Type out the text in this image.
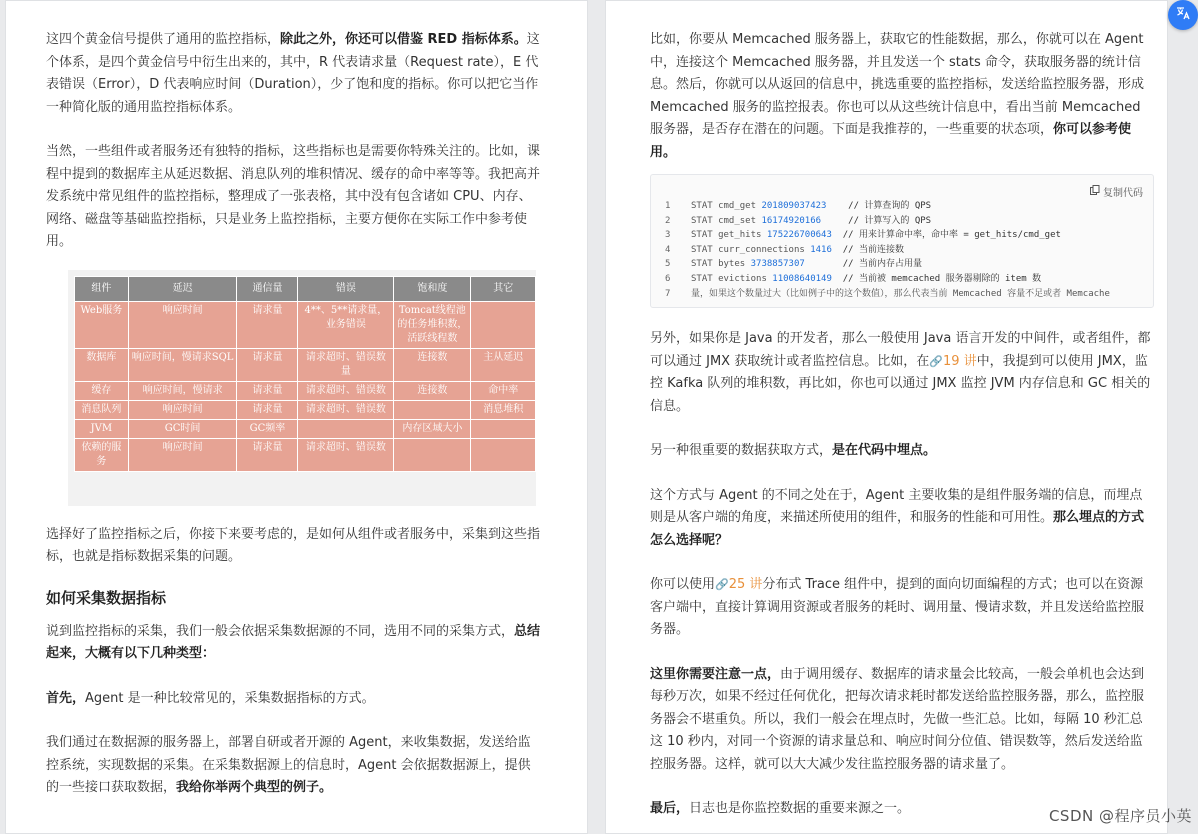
这四个黄金信号提供了通用的监控指标，除此之外，你还可以借鉴 RED 指标体系。这个体系，是四个黄金信号中衍生出来的，其中，R 代表请求量（Request rate），E 代表错误（Error），D 代表响应时间（Duration），少了饱和度的指标。你可以把它当作一种简化版的通用监控指标体系。

当然，一些组件或者服务还有独特的指标，这些指标也是需要你特殊关注的。比如，课程中提到的数据库主从延迟数据、消息队列的堆积情况、缓存的命中率等等。我把高并发系统中常见组件的监控指标，整理成了一张表格，其中没有包含诸如 CPU、内存、网络、磁盘等基础监控指标，只是业务上监控指标，主要方便你在实际工作中参考使用。

组件	延迟	通信量	错误	饱和度	其它
Web服务	响应时间	请求量	4**、5**请求量，业务错误	Tomcat线程池的任务堆积数，活跃线程数	
数据库	响应时间，慢请求SQL	请求量	请求超时、错误数量	连接数	主从延迟
缓存	响应时间，慢请求	请求量	请求超时、错误数	连接数	命中率
消息队列	响应时间	请求量	请求超时、错误数		消息堆积
JVM	GC时间	GC频率		内存区域大小	
依赖的服务	响应时间	请求量	请求超时、错误数		

选择好了监控指标之后，你接下来要考虑的，是如何从组件或者服务中，采集到这些指标，也就是指标数据采集的问题。

如何采集数据指标

说到监控指标的采集，我们一般会依据采集数据源的不同，选用不同的采集方式，总结起来，大概有以下几种类型：

首先，Agent 是一种比较常见的，采集数据指标的方式。

我们通过在数据源的服务器上，部署自研或者开源的 Agent，来收集数据，发送给监控系统，实现数据的采集。在采集数据源上的信息时，Agent 会依据数据源上，提供的一些接口获取数据，我给你举两个典型的例子。

比如，你要从 Memcached 服务器上，获取它的性能数据，那么，你就可以在 Agent 中，连接这个 Memcached 服务器，并且发送一个 stats 命令，获取服务器的统计信息。然后，你就可以从返回的信息中，挑选重要的监控指标，发送给监控服务器，形成 Memcached 服务的监控报表。你也可以从这些统计信息中，看出当前 Memcached 服务器，是否存在潜在的问题。下面是我推荐的，一些重要的状态项，你可以参考使用。

复制代码
1	STAT cmd_get 201809037423 // 计算查询的 QPS
2	STAT cmd_set 16174920166 // 计算写入的 QPS
3	STAT get_hits 175226700643 // 用来计算命中率，命中率 = get_hits/cmd_get
4	STAT curr_connections 1416 // 当前连接数
5	STAT bytes 3738857307 // 当前内存占用量
6	STAT evictions 11008640149 // 当前被 memcached 服务器剔除的 item 数
7	量，如果这个数量过大（比如例子中的这个数值），那么代表当前 Memcached 容量不足或者 Memcache

另外，如果你是 Java 的开发者，那么一般使用 Java 语言开发的中间件，或者组件，都可以通过 JMX 获取统计或者监控信息。比如，在🔗19 讲中，我提到可以使用 JMX，监控 Kafka 队列的堆积数，再比如，你也可以通过 JMX 监控 JVM 内存信息和 GC 相关的信息。

另一种很重要的数据获取方式，是在代码中埋点。

这个方式与 Agent 的不同之处在于，Agent 主要收集的是组件服务端的信息，而埋点则是从客户端的角度，来描述所使用的组件，和服务的性能和可用性。那么埋点的方式怎么选择呢？

你可以使用🔗25 讲分布式 Trace 组件中，提到的面向切面编程的方式；也可以在资源客户端中，直接计算调用资源或者服务的耗时、调用量、慢请求数，并且发送给监控服务器。

这里你需要注意一点，由于调用缓存、数据库的请求量会比较高，一般会单机也会达到每秒万次，如果不经过任何优化，把每次请求耗时都发送给监控服务器，那么，监控服务器会不堪重负。所以，我们一般会在埋点时，先做一些汇总。比如，每隔 10 秒汇总这 10 秒内，对同一个资源的请求量总和、响应时间分位值、错误数等，然后发送给监控服务器。这样，就可以大大减少发往监控服务器的请求量了。

最后，日志也是你监控数据的重要来源之一。	CSDN @程序员小英
